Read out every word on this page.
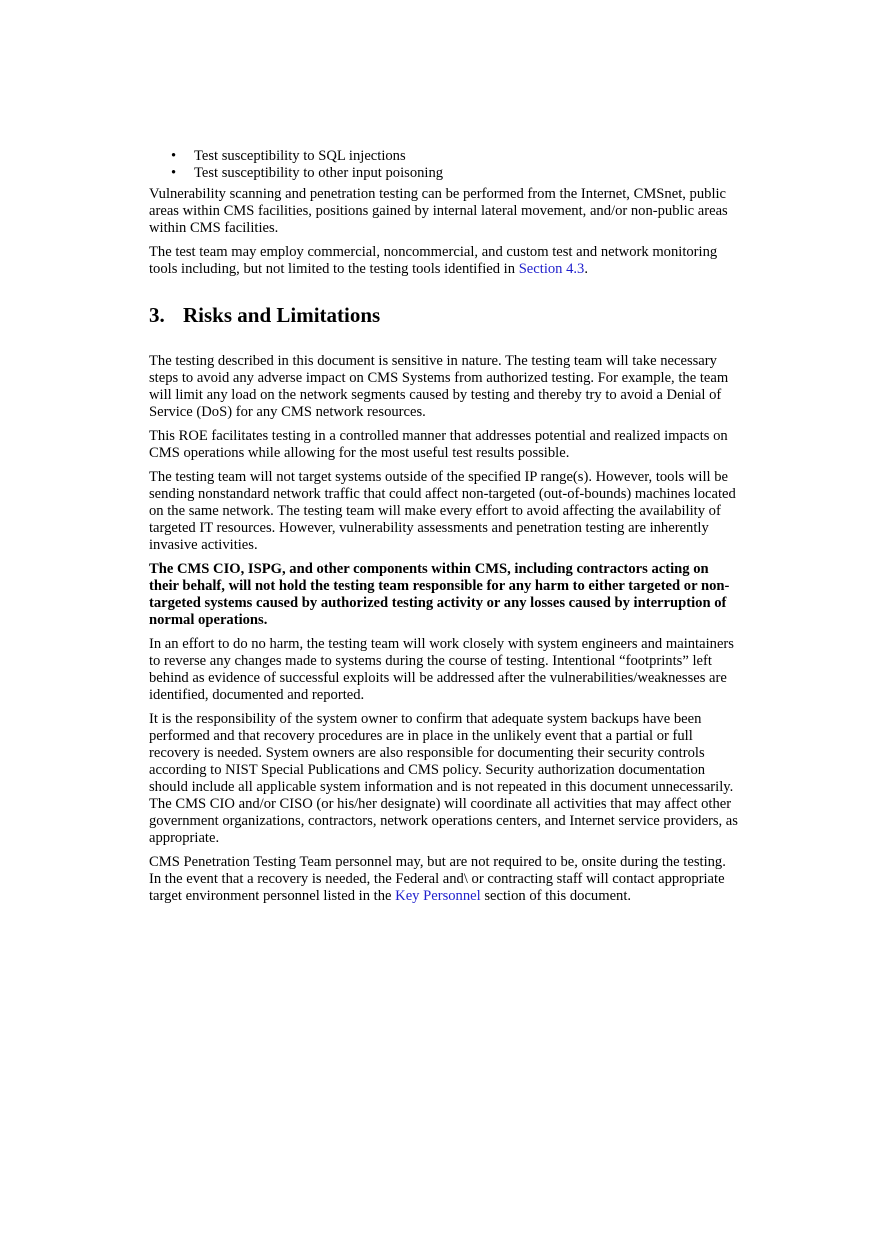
• Test susceptibility to SQL injections
• Test susceptibility to other input poisoning

Vulnerability scanning and penetration testing can be performed from the Internet, CMSnet, public areas within CMS facilities, positions gained by internal lateral movement, and/or non-public areas within CMS facilities.

The test team may employ commercial, noncommercial, and custom test and network monitoring tools including, but not limited to the testing tools identified in Section 4.3.

3. Risks and Limitations

The testing described in this document is sensitive in nature. The testing team will take necessary steps to avoid any adverse impact on CMS Systems from authorized testing. For example, the team will limit any load on the network segments caused by testing and thereby try to avoid a Denial of Service (DoS) for any CMS network resources.

This ROE facilitates testing in a controlled manner that addresses potential and realized impacts on CMS operations while allowing for the most useful test results possible.

The testing team will not target systems outside of the specified IP range(s). However, tools will be sending nonstandard network traffic that could affect non-targeted (out-of-bounds) machines located on the same network. The testing team will make every effort to avoid affecting the availability of targeted IT resources. However, vulnerability assessments and penetration testing are inherently invasive activities.

The CMS CIO, ISPG, and other components within CMS, including contractors acting on their behalf, will not hold the testing team responsible for any harm to either targeted or non-targeted systems caused by authorized testing activity or any losses caused by interruption of normal operations.

In an effort to do no harm, the testing team will work closely with system engineers and maintainers to reverse any changes made to systems during the course of testing. Intentional “footprints” left behind as evidence of successful exploits will be addressed after the vulnerabilities/weaknesses are identified, documented and reported.

It is the responsibility of the system owner to confirm that adequate system backups have been performed and that recovery procedures are in place in the unlikely event that a partial or full recovery is needed. System owners are also responsible for documenting their security controls according to NIST Special Publications and CMS policy. Security authorization documentation should include all applicable system information and is not repeated in this document unnecessarily. The CMS CIO and/or CISO (or his/her designate) will coordinate all activities that may affect other government organizations, contractors, network operations centers, and Internet service providers, as appropriate.

CMS Penetration Testing Team personnel may, but are not required to be, onsite during the testing. In the event that a recovery is needed, the Federal and\ or contracting staff will contact appropriate target environment personnel listed in the Key Personnel section of this document.
